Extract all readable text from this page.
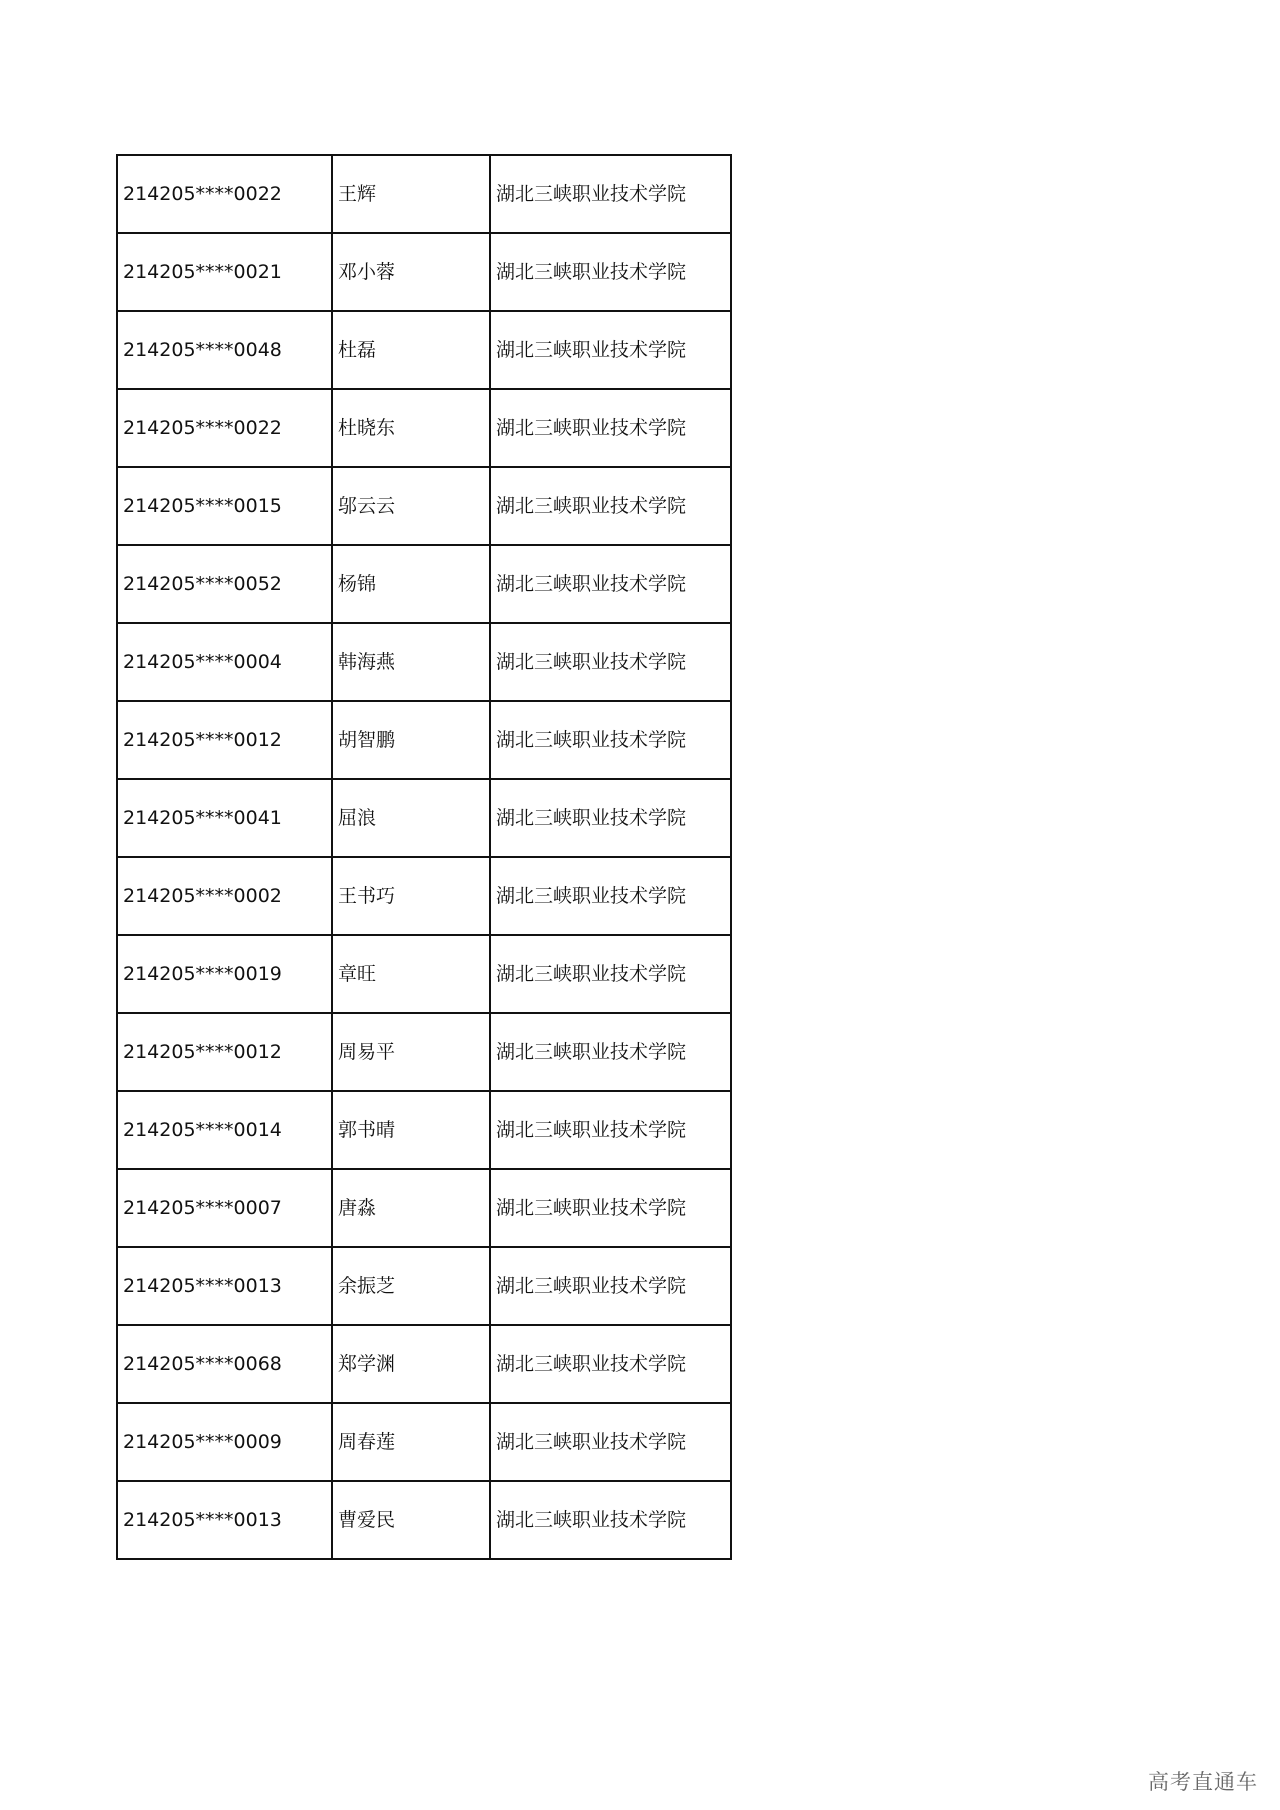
214205****0022	王辉	湖北三峡职业技术学院
214205****0021	邓小蓉	湖北三峡职业技术学院
214205****0048	杜磊	湖北三峡职业技术学院
214205****0022	杜晓东	湖北三峡职业技术学院
214205****0015	邬云云	湖北三峡职业技术学院
214205****0052	杨锦	湖北三峡职业技术学院
214205****0004	韩海燕	湖北三峡职业技术学院
214205****0012	胡智鹏	湖北三峡职业技术学院
214205****0041	屈浪	湖北三峡职业技术学院
214205****0002	王书巧	湖北三峡职业技术学院
214205****0019	章旺	湖北三峡职业技术学院
214205****0012	周易平	湖北三峡职业技术学院
214205****0014	郭书晴	湖北三峡职业技术学院
214205****0007	唐淼	湖北三峡职业技术学院
214205****0013	余振芝	湖北三峡职业技术学院
214205****0068	郑学渊	湖北三峡职业技术学院
214205****0009	周春莲	湖北三峡职业技术学院
214205****0013	曹爱民	湖北三峡职业技术学院
高考直通车
